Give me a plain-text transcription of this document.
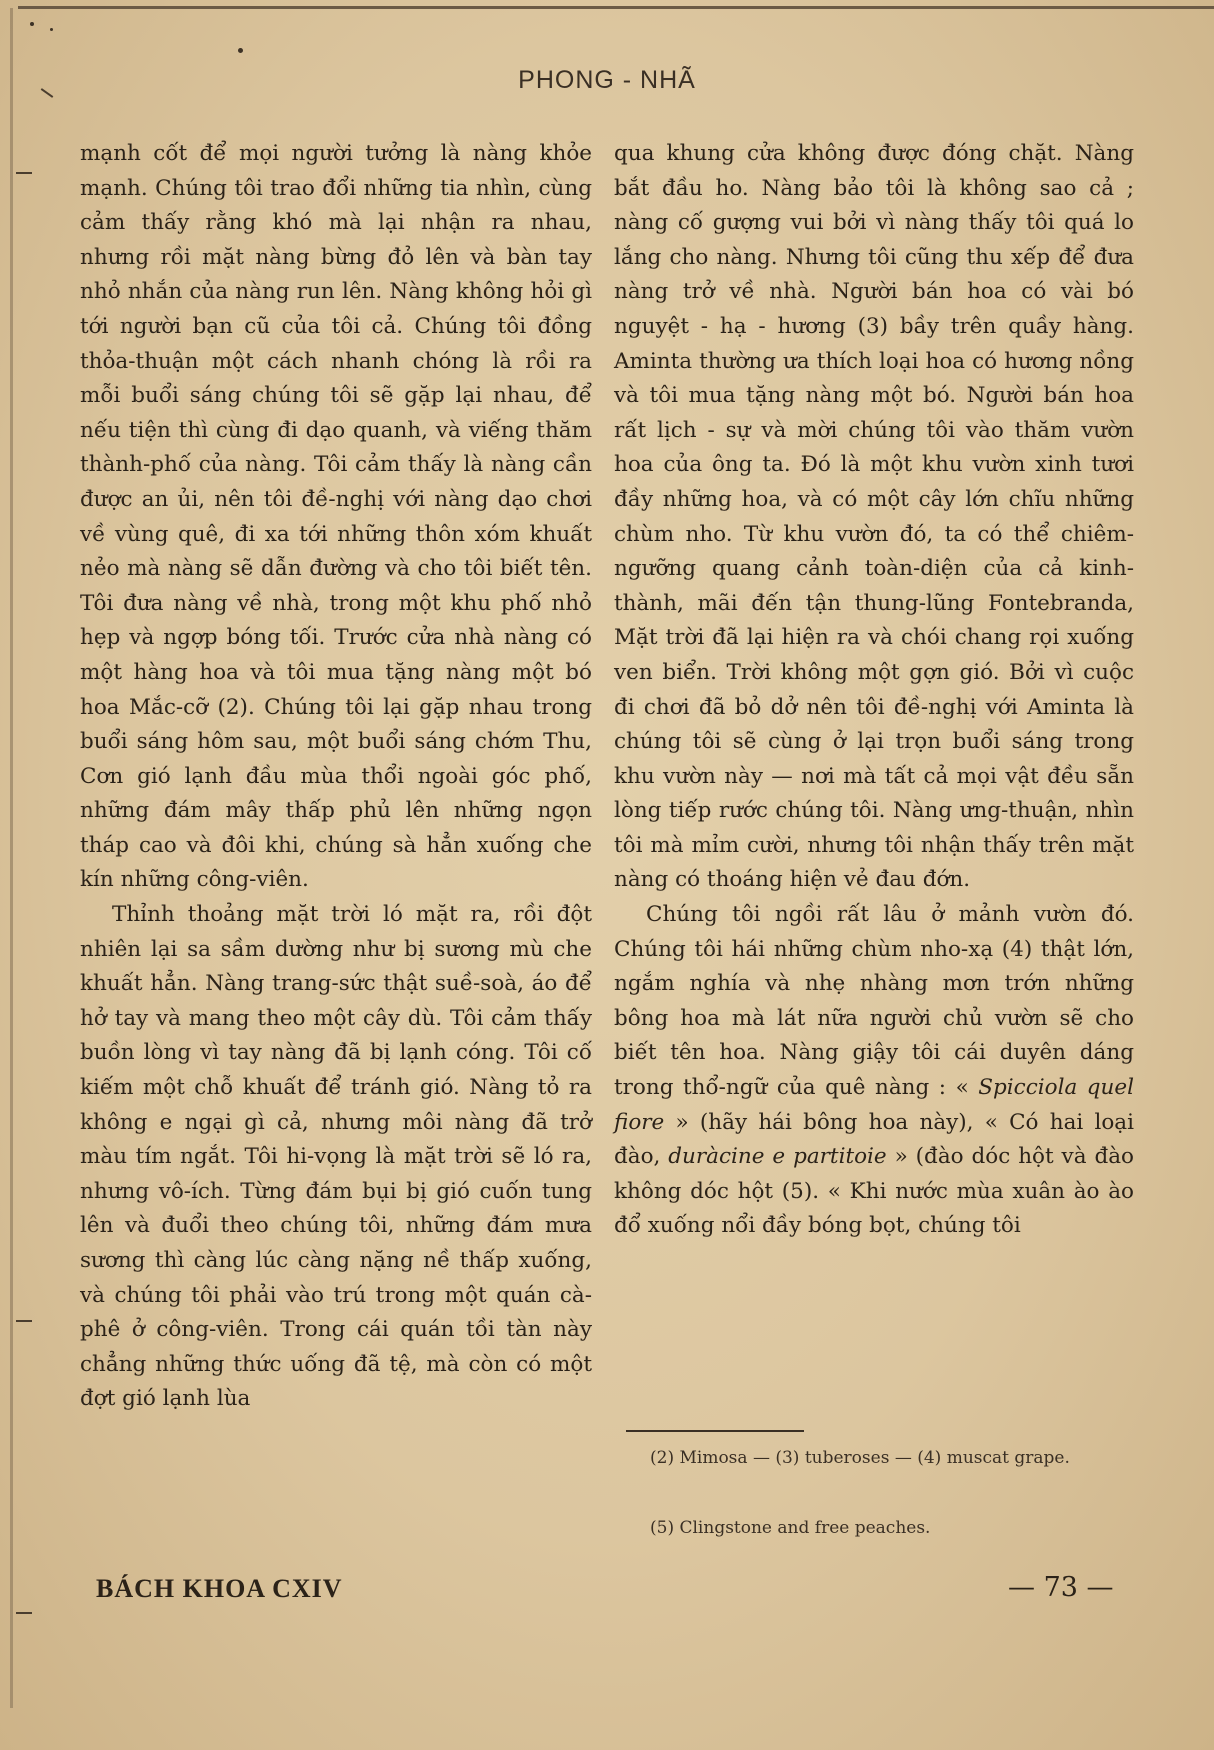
PHONG - NHÃ

mạnh cốt để mọi người tưởng là nàng khỏe mạnh. Chúng tôi trao đổi những tia nhìn, cùng cảm thấy rằng khó mà lại nhận ra nhau, nhưng rồi mặt nàng bừng đỏ lên và bàn tay nhỏ nhắn của nàng run lên. Nàng không hỏi gì tới người bạn cũ của tôi cả. Chúng tôi đồng thỏa-thuận một cách nhanh chóng là rồi ra mỗi buổi sáng chúng tôi sẽ gặp lại nhau, để nếu tiện thì cùng đi dạo quanh, và viếng thăm thành-phố của nàng. Tôi cảm thấy là nàng cần được an ủi, nên tôi đề-nghị với nàng dạo chơi về vùng quê, đi xa tới những thôn xóm khuất nẻo mà nàng sẽ dẫn đường và cho tôi biết tên. Tôi đưa nàng về nhà, trong một khu phố nhỏ hẹp và ngợp bóng tối. Trước cửa nhà nàng có một hàng hoa và tôi mua tặng nàng một bó hoa Mắc-cỡ (2). Chúng tôi lại gặp nhau trong buổi sáng hôm sau, một buổi sáng chớm Thu, Cơn gió lạnh đầu mùa thổi ngoài góc phố, những đám mây thấp phủ lên những ngọn tháp cao và đôi khi, chúng sà hẳn xuống che kín những công-viên.

Thỉnh thoảng mặt trời ló mặt ra, rồi đột nhiên lại sa sầm dường như bị sương mù che khuất hẳn. Nàng trang-sức thật suề-soà, áo để hở tay và mang theo một cây dù. Tôi cảm thấy buồn lòng vì tay nàng đã bị lạnh cóng. Tôi cố kiếm một chỗ khuất để tránh gió. Nàng tỏ ra không e ngại gì cả, nhưng môi nàng đã trở màu tím ngắt. Tôi hi-vọng là mặt trời sẽ ló ra, nhưng vô-ích. Từng đám bụi bị gió cuốn tung lên và đuổi theo chúng tôi, những đám mưa sương thì càng lúc càng nặng nề thấp xuống, và chúng tôi phải vào trú trong một quán cà-phê ở công-viên. Trong cái quán tồi tàn này chẳng những thức uống đã tệ, mà còn có một đợt gió lạnh lùa

qua khung cửa không được đóng chặt. Nàng bắt đầu ho. Nàng bảo tôi là không sao cả ; nàng cố gượng vui bởi vì nàng thấy tôi quá lo lắng cho nàng. Nhưng tôi cũng thu xếp để đưa nàng trở về nhà. Người bán hoa có vài bó nguyệt - hạ - hương (3) bầy trên quầy hàng. Aminta thường ưa thích loại hoa có hương nồng và tôi mua tặng nàng một bó. Người bán hoa rất lịch - sự và mời chúng tôi vào thăm vườn hoa của ông ta. Đó là một khu vườn xinh tươi đầy những hoa, và có một cây lớn chĩu những chùm nho. Từ khu vườn đó, ta có thể chiêm-ngưỡng quang cảnh toàn-diện của cả kinh-thành, mãi đến tận thung-lũng Fontebranda, Mặt trời đã lại hiện ra và chói chang rọi xuống ven biển. Trời không một gợn gió. Bởi vì cuộc đi chơi đã bỏ dở nên tôi đề-nghị với Aminta là chúng tôi sẽ cùng ở lại trọn buổi sáng trong khu vườn này — nơi mà tất cả mọi vật đều sẵn lòng tiếp rước chúng tôi. Nàng ưng-thuận, nhìn tôi mà mỉm cười, nhưng tôi nhận thấy trên mặt nàng có thoáng hiện vẻ đau đớn.

Chúng tôi ngồi rất lâu ở mảnh vườn đó. Chúng tôi hái những chùm nho-xạ (4) thật lớn, ngắm nghía và nhẹ nhàng mơn trớn những bông hoa mà lát nữa người chủ vườn sẽ cho biết tên hoa. Nàng giậy tôi cái duyên dáng trong thổ-ngữ của quê nàng : « Spicciola quel fiore » (hãy hái bông hoa này), « Có hai loại đào, duràcine e partitoie » (đào dóc hột và đào không dóc hột (5). « Khi nước mùa xuân ào ào đổ xuống nổi đầy bóng bọt, chúng tôi

(2) Mimosa — (3) tuberoses — (4) muscat grape.
(5) Clingstone and free peaches.
BÁCH KHOA CXIV	— 73 —
